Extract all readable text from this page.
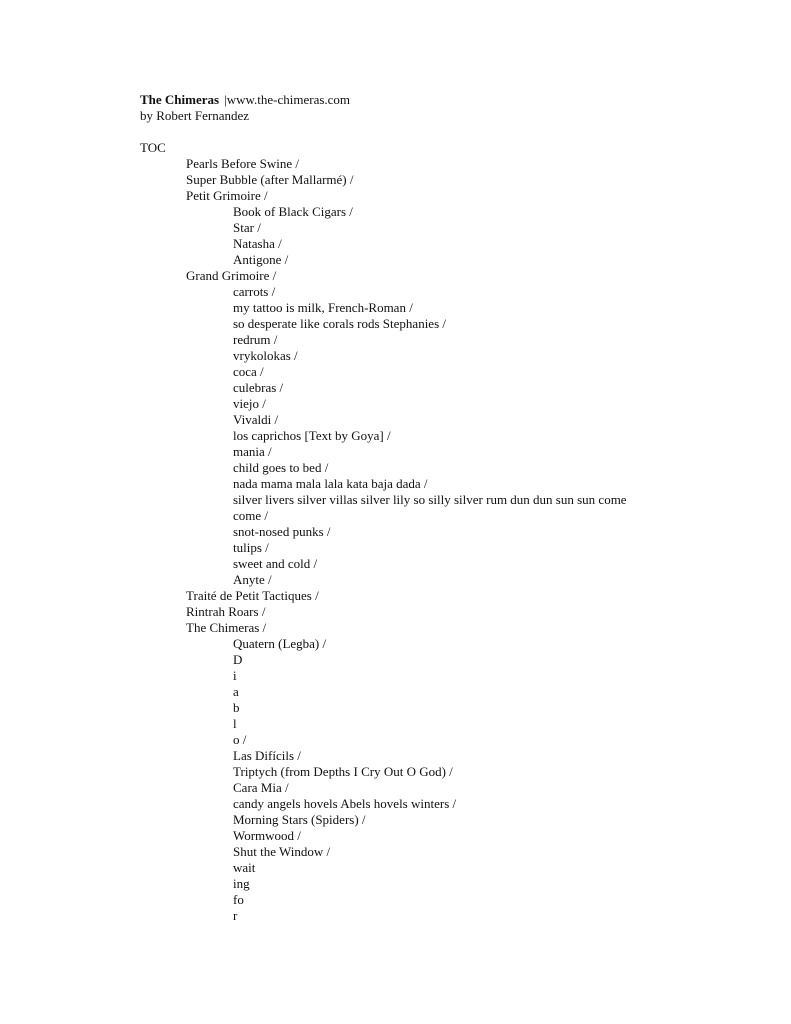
The Chimeras |www.the-chimeras.com
by Robert Fernandez
TOC
Pearls Before Swine /
Super Bubble (after Mallarmé) /
Petit Grimoire /
Book of Black Cigars /
Star /
Natasha /
Antigone /
Grand Grimoire /
carrots /
my tattoo is milk, French-Roman /
so desperate like corals rods Stephanies /
redrum /
vrykolokas /
coca /
culebras /
viejo /
Vivaldi /
los caprichos [Text by Goya] /
mania /
child goes to bed /
nada mama mala lala kata baja dada /
silver livers silver villas silver lily so silly silver rum dun dun sun sun come
come /
snot-nosed punks /
tulips /
sweet and cold /
Anyte /
Traité de Petit Tactiques /
Rintrah Roars /
The Chimeras /
Quatern (Legba) /
D
i
a
b
l
o /
Las Difícils /
Triptych (from Depths I Cry Out O God) /
Cara Mia /
candy angels hovels Abels hovels winters /
Morning Stars (Spiders) /
Wormwood /
Shut the Window /
wait
ing
fo
r
